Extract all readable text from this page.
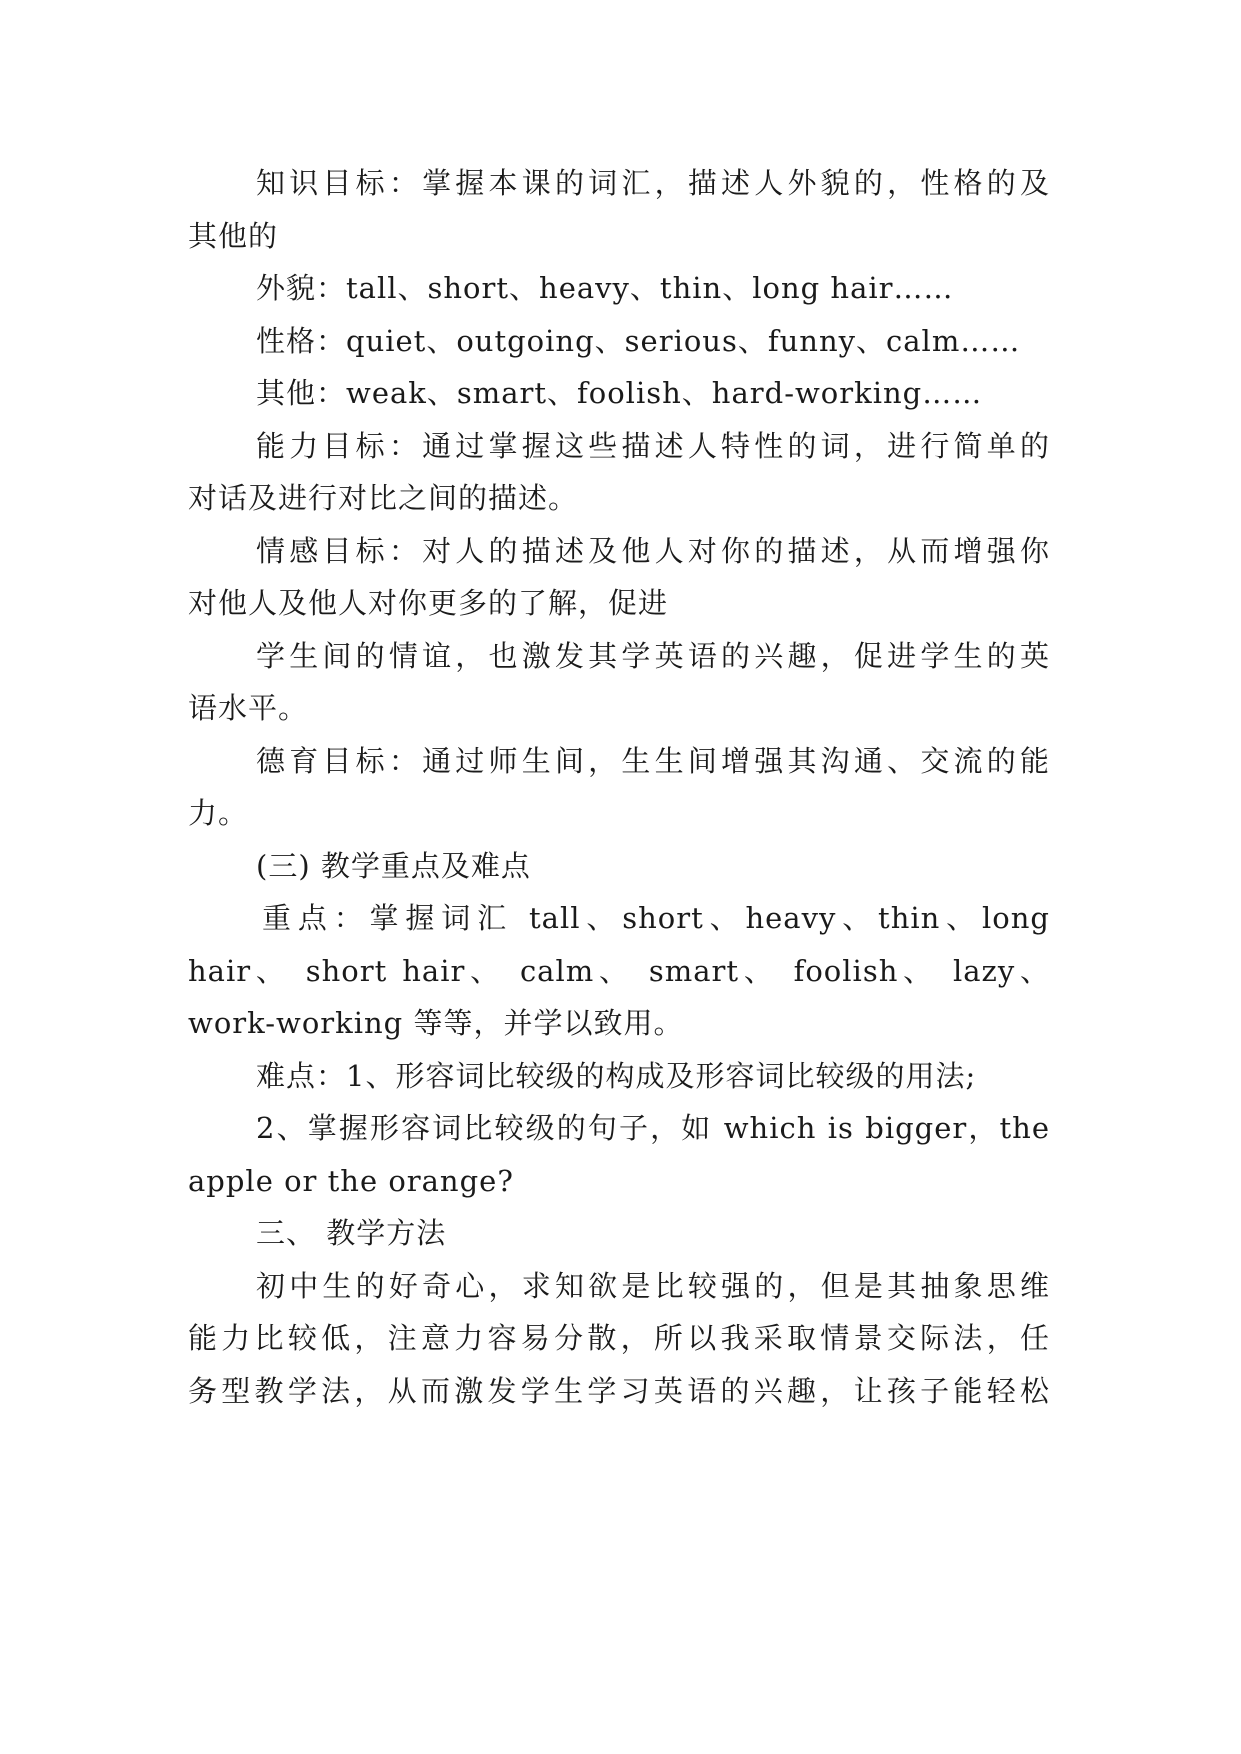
知识目标：掌握本课的词汇，描述人外貌的，性格的及
其他的
外貌：tall、short、heavy、thin、long hair……
性格：quiet、outgoing、serious、funny、calm……
其他：weak、smart、foolish、hard-working……
能力目标：通过掌握这些描述人特性的词，进行简单的
对话及进行对比之间的描述。
情感目标：对人的描述及他人对你的描述，从而增强你
对他人及他人对你更多的了解，促进
学生间的情谊，也激发其学英语的兴趣，促进学生的英
语水平。
德育目标：通过师生间，生生间增强其沟通、交流的能
力。
(三) 教学重点及难点
重点：掌握词汇 tall、short、heavy、thin、long
hair、 short hair、 calm、 smart、 foolish、 lazy、
work-working 等等，并学以致用。
难点：1、形容词比较级的构成及形容词比较级的用法;
2、掌握形容词比较级的句子，如 which is bigger，the
apple or the orange?
三、 教学方法
初中生的好奇心，求知欲是比较强的，但是其抽象思维
能力比较低，注意力容易分散，所以我采取情景交际法，任
务型教学法，从而激发学生学习英语的兴趣，让孩子能轻松
